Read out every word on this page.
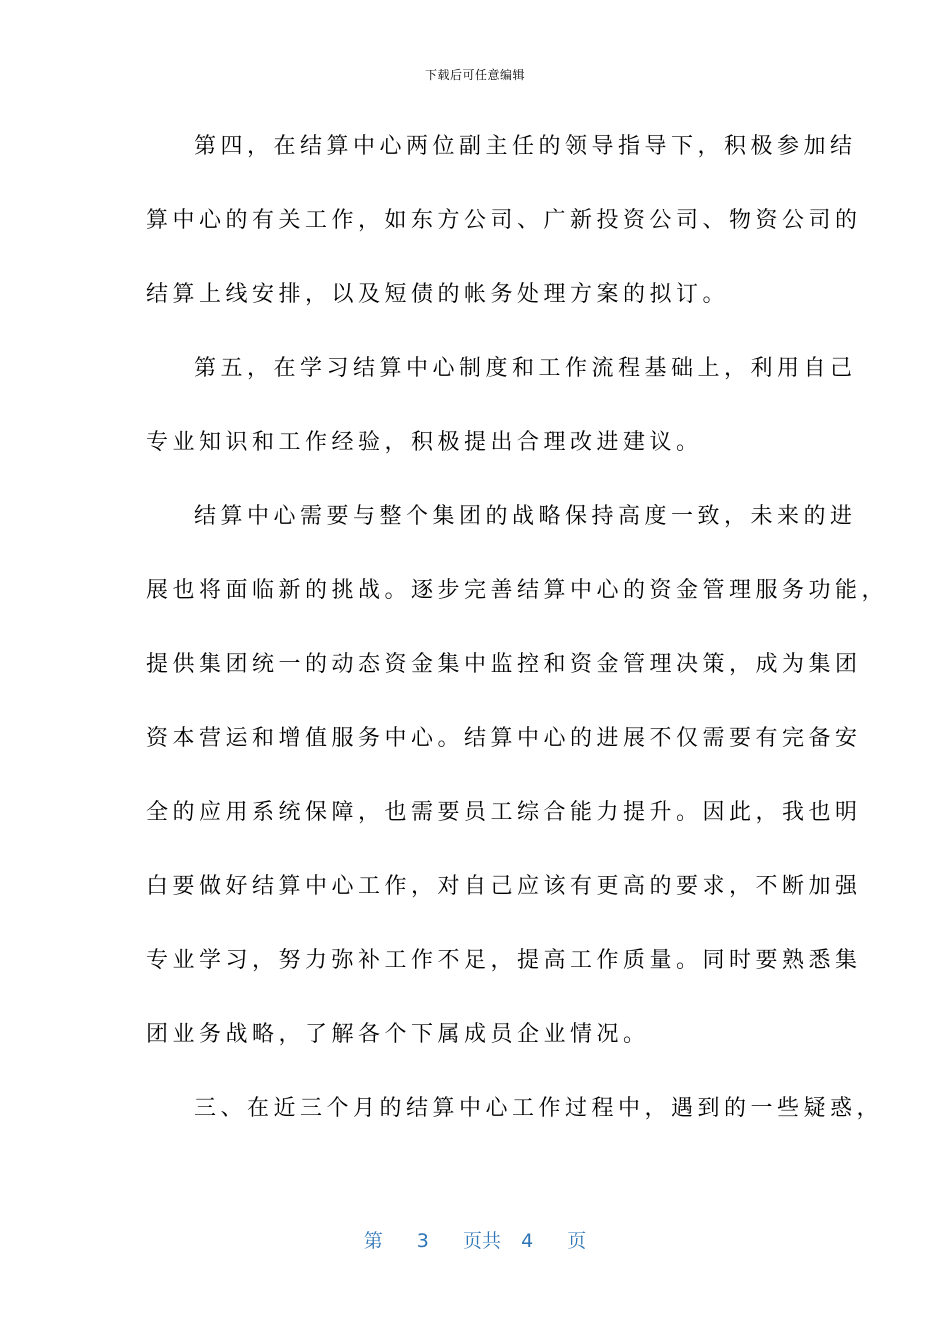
下载后可任意编辑
第四，在结算中心两位副主任的领导指导下，积极参加结
算中心的有关工作，如东方公司、广新投资公司、物资公司的
结算上线安排，以及短债的帐务处理方案的拟订。
第五，在学习结算中心制度和工作流程基础上，利用自己
专业知识和工作经验，积极提出合理改进建议。
结算中心需要与整个集团的战略保持高度一致，未来的进
展也将面临新的挑战。逐步完善结算中心的资金管理服务功能，
提供集团统一的动态资金集中监控和资金管理决策，成为集团
资本营运和增值服务中心。结算中心的进展不仅需要有完备安
全的应用系统保障，也需要员工综合能力提升。因此，我也明
白要做好结算中心工作，对自己应该有更高的要求，不断加强
专业学习，努力弥补工作不足，提高工作质量。同时要熟悉集
团业务战略，了解各个下属成员企业情况。
三、在近三个月的结算中心工作过程中，遇到的一些疑惑，
第 3 页共 4 页
